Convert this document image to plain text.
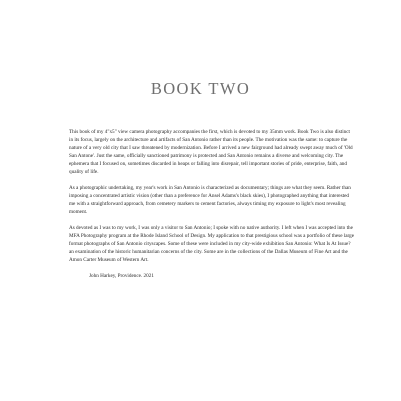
BOOK TWO

This book of my 4"x5" view camera photography accompanies the first, which is devoted to my 35mm work. Book Two is also distinct in its focus, largely on the architecture and artifacts of San Antonio rather than its people. The motivation was the same: to capture the nature of a very old city that I saw threatened by modernization. Before I arrived a new fairground had already swept away much of 'Old San Antone'. Just the same, officially sanctioned patrimony is protected and San Antonio remains a diverse and welcoming city. The ephemera that I focused on, sometimes discarded in heaps or falling into disrepair, tell important stories of pride, enterprise, faith, and quality of life.

As a photographic undertaking, my year's work in San Antonio is characterized as documentary; things are what they seem. Rather than imposing a concentrated artistic vision (other than a preference for Ansel Adams's black skies), I photographed anything that interested me with a straightforward approach, from cemetery markers to cement factories, always timing my exposure to light's most revealing moment.

As devoted as I was to my work, I was only a visitor to San Antonio; I spoke with no native authority. I left when I was accepted into the MFA Photography program at the Rhode Island School of Design. My application to that prestigious school was a portfolio of these large format photographs of San Antonio cityscapes. Some of these were included in my city-wide exhibition San Antonio: What Is At Issue? an examination of the historic humanitarian concerns of the city. Some are in the collections of the Dallas Museum of Fine Art and the Amon Carter Museum of Western Art.

John Harkey, Providence. 2021
